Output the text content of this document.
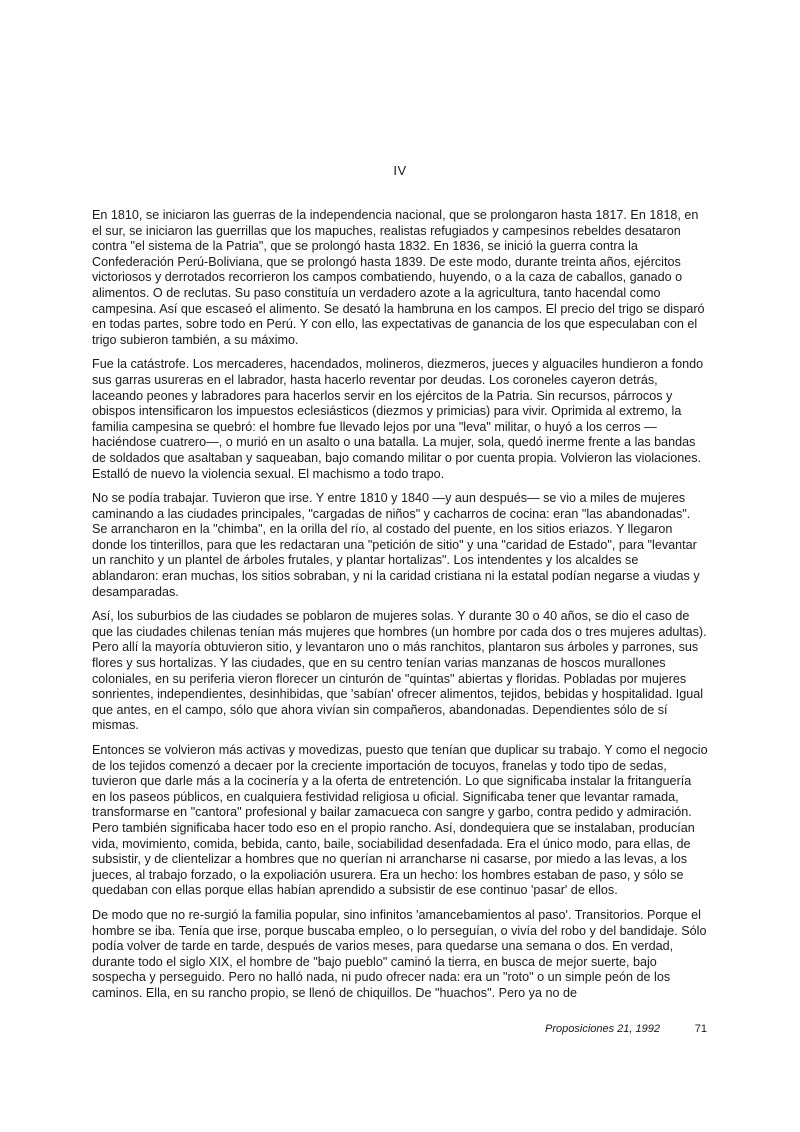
IV

En 1810, se iniciaron las guerras de la independencia nacional, que se prolongaron hasta 1817. En 1818, en el sur, se iniciaron las guerrillas que los mapuches, realistas refugiados y campesinos rebeldes desataron contra "el sistema de la Patria", que se prolongó hasta 1832. En 1836, se inició la guerra contra la Confederación Perú-Boliviana, que se prolongó hasta 1839. De este modo, durante treinta años, ejércitos victoriosos y derrotados recorrieron los campos combatiendo, huyendo, o a la caza de caballos, ganado o alimentos. O de reclutas. Su paso constituía un verdadero azote a la agricultura, tanto hacendal como campesina. Así que escaseó el alimento. Se desató la hambruna en los campos. El precio del trigo se disparó en todas partes, sobre todo en Perú. Y con ello, las expectativas de ganancia de los que especulaban con el trigo subieron también, a su máximo.

Fue la catástrofe. Los mercaderes, hacendados, molineros, diezmeros, jueces y alguaciles hundieron a fondo sus garras usureras en el labrador, hasta hacerlo reventar por deudas. Los coroneles cayeron detrás, laceando peones y labradores para hacerlos servir en los ejércitos de la Patria. Sin recursos, párrocos y obispos intensificaron los impuestos eclesiásticos (diezmos y primicias) para vivir. Oprimida al extremo, la familia campesina se quebró: el hombre fue llevado lejos por una "leva" militar, o huyó a los cerros —haciéndose cuatrero—, o murió en un asalto o una batalla. La mujer, sola, quedó inerme frente a las bandas de soldados que asaltaban y saqueaban, bajo comando militar o por cuenta propia. Volvieron las violaciones. Estalló de nuevo la violencia sexual. El machismo a todo trapo.

No se podía trabajar. Tuvieron que irse. Y entre 1810 y 1840 —y aun después— se vio a miles de mujeres caminando a las ciudades principales, "cargadas de niños" y cacharros de cocina: eran "las abandonadas". Se arrancharon en la "chimba", en la orilla del río, al costado del puente, en los sitios eriazos. Y llegaron donde los tinterillos, para que les redactaran una "petición de sitio" y una "caridad de Estado", para "levantar un ranchito y un plantel de árboles frutales, y plantar hortalizas". Los intendentes y los alcaldes se ablandaron: eran muchas, los sitios sobraban, y ni la caridad cristiana ni la estatal podían negarse a viudas y desamparadas.

Así, los suburbios de las ciudades se poblaron de mujeres solas. Y durante 30 o 40 años, se dio el caso de que las ciudades chilenas tenían más mujeres que hombres (un hombre por cada dos o tres mujeres adultas). Pero allí la mayoría obtuvieron sitio, y levantaron uno o más ranchitos, plantaron sus árboles y parrones, sus flores y sus hortalizas. Y las ciudades, que en su centro tenían varias manzanas de hoscos murallones coloniales, en su periferia vieron florecer un cinturón de "quintas" abiertas y floridas. Pobladas por mujeres sonrientes, independientes, desinhibidas, que 'sabían' ofrecer alimentos, tejidos, bebidas y hospitalidad. Igual que antes, en el campo, sólo que ahora vivían sin compañeros, abandonadas. Dependientes sólo de sí mismas.

Entonces se volvieron más activas y movedizas, puesto que tenían que duplicar su trabajo. Y como el negocio de los tejidos comenzó a decaer por la creciente importación de tocuyos, franelas y todo tipo de sedas, tuvieron que darle más a la cocinería y a la oferta de entretención. Lo que significaba instalar la fritanguería en los paseos públicos, en cualquiera festividad religiosa u oficial. Significaba tener que levantar ramada, transformarse en "cantora" profesional y bailar zamacueca con sangre y garbo, contra pedido y admiración. Pero también significaba hacer todo eso en el propio rancho. Así, dondequiera que se instalaban, producían vida, movimiento, comida, bebida, canto, baile, sociabilidad desenfadada. Era el único modo, para ellas, de subsistir, y de clientelizar a hombres que no querían ni arrancharse ni casarse, por miedo a las levas, a los jueces, al trabajo forzado, o la expoliación usurera. Era un hecho: los hombres estaban de paso, y sólo se quedaban con ellas porque ellas habían aprendido a subsistir de ese continuo 'pasar' de ellos.

De modo que no re-surgió la familia popular, sino infinitos 'amancebamientos al paso'. Transitorios. Porque el hombre se iba. Tenía que irse, porque buscaba empleo, o lo perseguían, o vivía del robo y del bandidaje. Sólo podía volver de tarde en tarde, después de varios meses, para quedarse una semana o dos. En verdad, durante todo el siglo XIX, el hombre de "bajo pueblo" caminó la tierra, en busca de mejor suerte, bajo sospecha y perseguido. Pero no halló nada, ni pudo ofrecer nada: era un "roto" o un simple peón de los caminos. Ella, en su rancho propio, se llenó de chiquillos. De "huachos". Pero ya no de

Proposiciones 21, 1992	71
